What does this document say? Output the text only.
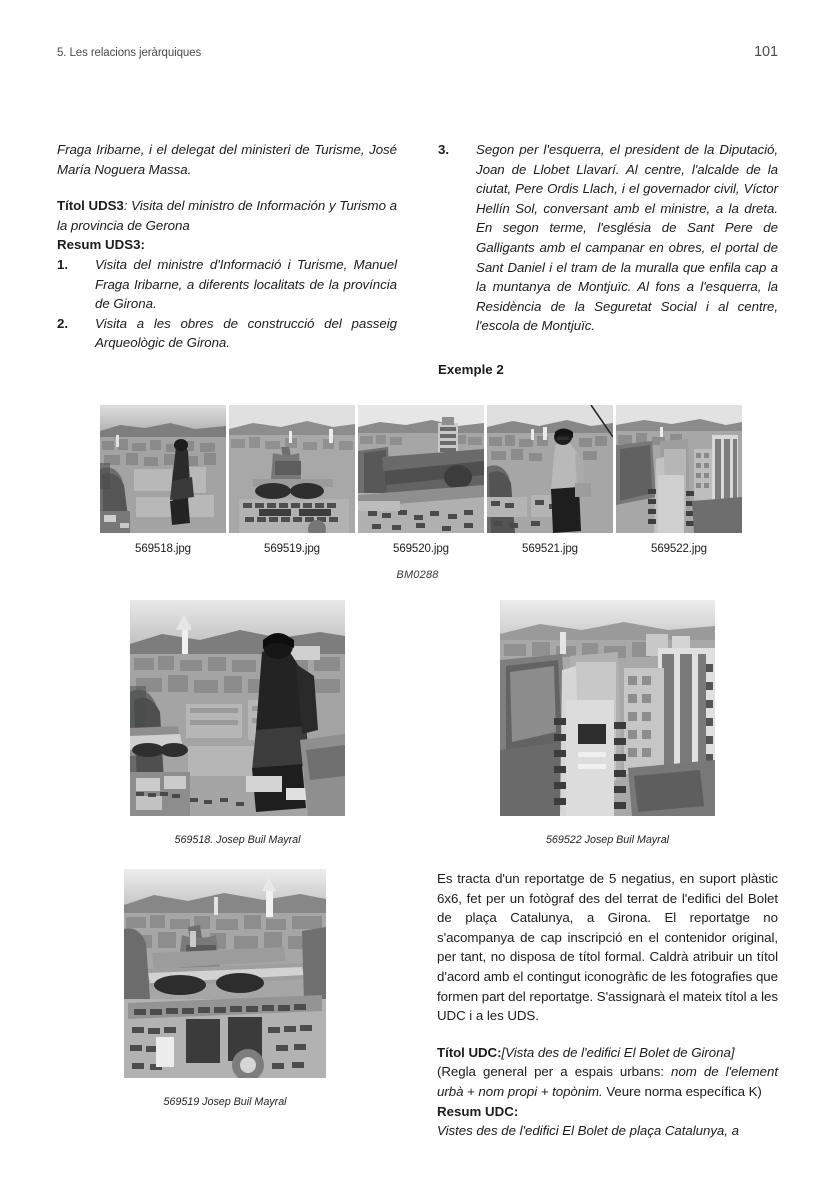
5. Les relacions jeràrquiques	101

Fraga Iribarne, i el delegat del ministeri de Turisme, José María Noguera Massa.

Títol UDS3: Visita del ministro de Información y Turismo a la provincia de Gerona

Resum UDS3:
1. Visita del ministre d'Informació i Turisme, Manuel Fraga Iribarne, a diferents localitats de la província de Girona.
2. Visita a les obres de construcció del passeig Arqueològic de Girona.
3. Segon per l'esquerra, el president de la Diputació, Joan de Llobet Llavarí. Al centre, l'alcalde de la ciutat, Pere Ordis Llach, i el governador civil, Víctor Hellín Sol, conversant amb el ministre, a la dreta. En segon terme, l'església de Sant Pere de Galligants amb el campanar en obres, el portal de Sant Daniel i el tram de la muralla que enfila cap a la muntanya de Montjuïc. Al fons a l'esquerra, la Residència de la Seguretat Social i al centre, l'escola de Montjuïc.
Exemple 2
569518.jpg	569519.jpg	569520.jpg	569521.jpg	569522.jpg
BM0288
569518. Josep Buil Mayral	569522 Josep Buil Mayral
569519 Josep Buil Mayral

Es tracta d'un reportatge de 5 negatius, en suport plàstic 6x6, fet per un fotògraf des del terrat de l'edifici del Bolet de plaça Catalunya, a Girona. El reportatge no s'acompanya de cap inscripció en el contenidor original, per tant, no disposa de títol formal. Caldrà atribuir un títol d'acord amb el contingut iconogràfic de les fotografies que formen part del reportatge. S'assignarà el mateix títol a les UDC i a les UDS.

Títol UDC:[Vista des de l'edifici El Bolet de Girona]

(Regla general per a espais urbans: nom de l'element urbà + nom propi + topònim. Veure norma específica K)

Resum UDC:

Vistes des de l'edifici El Bolet de plaça Catalunya, a
